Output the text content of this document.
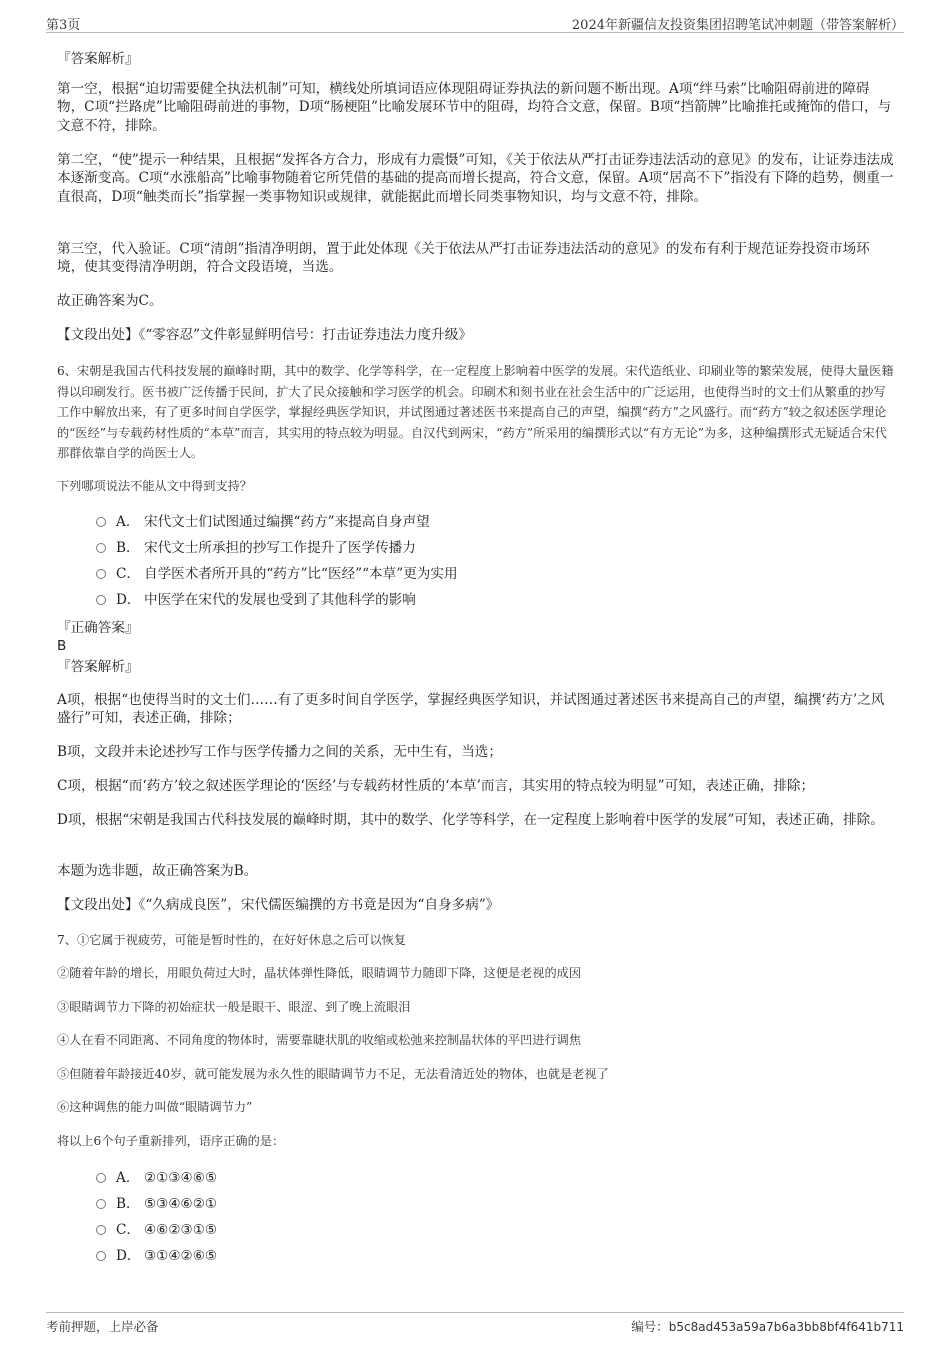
第3页	2024年新疆信友投资集团招聘笔试冲刺题（带答案解析）
『答案解析』
第一空，根据“迫切需要健全执法机制”可知，横线处所填词语应体现阻碍证券执法的新问题不断出现。A项“绊马索”比喻阻碍前进的障碍物，C项“拦路虎”比喻阻碍前进的事物，D项“肠梗阻”比喻发展环节中的阻碍，均符合文意，保留。B项“挡箭牌”比喻推托或掩饰的借口，与文意不符，排除。
第二空，“使”提示一种结果，且根据“发挥各方合力，形成有力震慑”可知，《关于依法从严打击证券违法活动的意见》的发布，让证券违法成本逐渐变高。C项“水涨船高”比喻事物随着它所凭借的基础的提高而增长提高，符合文意，保留。A项“居高不下”指没有下降的趋势，侧重一直很高，D项“触类而长”指掌握一类事物知识或规律，就能据此而增长同类事物知识，均与文意不符，排除。
第三空，代入验证。C项“清朗”指清净明朗，置于此处体现《关于依法从严打击证券违法活动的意见》的发布有利于规范证券投资市场环境，使其变得清净明朗，符合文段语境，当选。
故正确答案为C。
【文段出处】《“零容忍”文件彰显鲜明信号：打击证券违法力度升级》
6、宋朝是我国古代科技发展的巅峰时期，其中的数学、化学等科学，在一定程度上影响着中医学的发展。宋代造纸业、印刷业等的繁荣发展，使得大量医籍得以印刷发行。医书被广泛传播于民间，扩大了民众接触和学习医学的机会。印刷术和刻书业在社会生活中的广泛运用，也使得当时的文士们从繁重的抄写工作中解放出来，有了更多时间自学医学，掌握经典医学知识，并试图通过著述医书来提高自己的声望，编撰“药方”之风盛行。而“药方”较之叙述医学理论的“医经”与专载药材性质的“本草”而言，其实用的特点较为明显。自汉代到两宋，“药方”所采用的编撰形式以“有方无论”为多，这种编撰形式无疑适合宋代那群依靠自学的尚医士人。
下列哪项说法不能从文中得到支持？
A． 宋代文士们试图通过编撰“药方”来提高自身声望
B． 宋代文士所承担的抄写工作提升了医学传播力
C． 自学医术者所开具的“药方”比“医经”“本草”更为实用
D． 中医学在宋代的发展也受到了其他科学的影响
『正确答案』
B
『答案解析』
A项，根据“也使得当时的文士们……有了更多时间自学医学，掌握经典医学知识，并试图通过著述医书来提高自己的声望，编撰‘药方’之风盛行”可知，表述正确，排除；
B项，文段并未论述抄写工作与医学传播力之间的关系，无中生有，当选；
C项，根据“而‘药方’较之叙述医学理论的‘医经’与专载药材性质的‘本草’而言，其实用的特点较为明显”可知，表述正确，排除；
D项，根据“宋朝是我国古代科技发展的巅峰时期，其中的数学、化学等科学，在一定程度上影响着中医学的发展”可知，表述正确，排除。
本题为选非题，故正确答案为B。
【文段出处】《“久病成良医”，宋代儒医编撰的方书竟是因为“自身多病”》
7、①它属于视疲劳，可能是暂时性的，在好好休息之后可以恢复
②随着年龄的增长，用眼负荷过大时，晶状体弹性降低，眼睛调节力随即下降，这便是老视的成因
③眼睛调节力下降的初始症状一般是眼干、眼涩、到了晚上流眼泪
④人在看不同距离、不同角度的物体时，需要靠睫状肌的收缩或松弛来控制晶状体的平凹进行调焦
⑤但随着年龄接近40岁，就可能发展为永久性的眼睛调节力不足，无法看清近处的物体，也就是老视了
⑥这种调焦的能力叫做“眼睛调节力”
将以上6个句子重新排列，语序正确的是：
A． ②①③④⑥⑤
B． ⑤③④⑥②①
C． ④⑥②③①⑤
D． ③①④②⑥⑤
考前押题，上岸必备	编号：b5c8ad453a59a7b6a3bb8bf4f641b711
